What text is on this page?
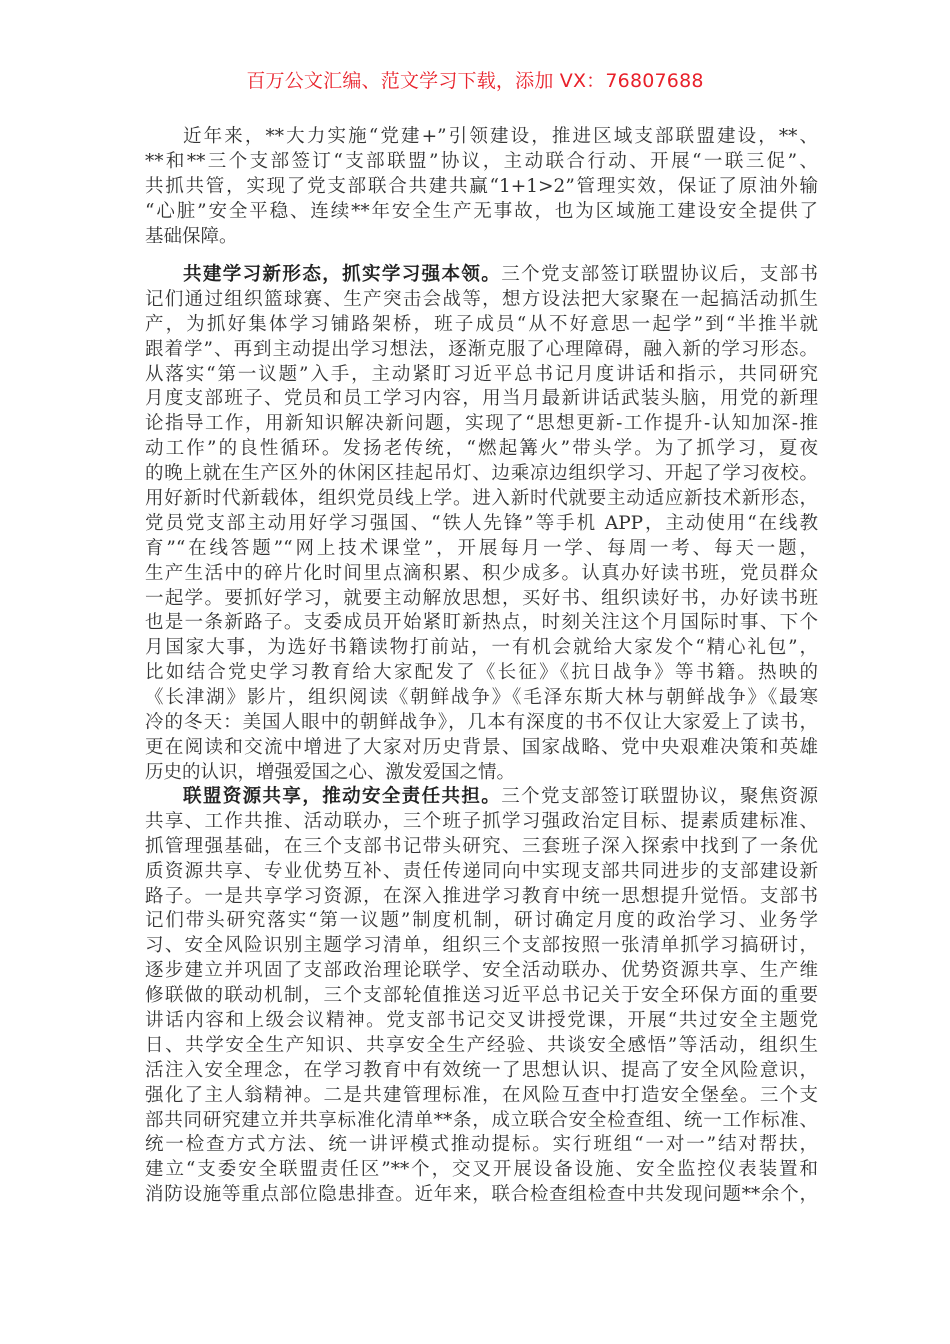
百万公文汇编、范文学习下载，添加 VX：76807688
近年来，**大力实施“党建+”引领建设，推进区域支部联盟建设，**、
**和**三个支部签订“支部联盟”协议，主动联合行动、开展“一联三促”、
共抓共管，实现了党支部联合共建共赢“1+1>2”管理实效，保证了原油外输
“心脏”安全平稳、连续**年安全生产无事故，也为区域施工建设安全提供了
基础保障。
共建学习新形态，抓实学习强本领。三个党支部签订联盟协议后，支部书
记们通过组织篮球赛、生产突击会战等，想方设法把大家聚在一起搞活动抓生
产，为抓好集体学习铺路架桥，班子成员“从不好意思一起学”到“半推半就
跟着学”、再到主动提出学习想法，逐渐克服了心理障碍，融入新的学习形态。
从落实“第一议题”入手，主动紧盯习近平总书记月度讲话和指示，共同研究
月度支部班子、党员和员工学习内容，用当月最新讲话武装头脑，用党的新理
论指导工作，用新知识解决新问题，实现了“思想更新-工作提升-认知加深-推
动工作”的良性循环。发扬老传统，“燃起篝火”带头学。为了抓学习，夏夜
的晚上就在生产区外的休闲区挂起吊灯、边乘凉边组织学习、开起了学习夜校。
用好新时代新载体，组织党员线上学。进入新时代就要主动适应新技术新形态，
党员党支部主动用好学习强国、“铁人先锋”等手机 APP，主动使用“在线教
育”“在线答题”“网上技术课堂”，开展每月一学、每周一考、每天一题，
生产生活中的碎片化时间里点滴积累、积少成多。认真办好读书班，党员群众
一起学。要抓好学习，就要主动解放思想，买好书、组织读好书，办好读书班
也是一条新路子。支委成员开始紧盯新热点，时刻关注这个月国际时事、下个
月国家大事，为选好书籍读物打前站，一有机会就给大家发个“精心礼包”，
比如结合党史学习教育给大家配发了《长征》《抗日战争》等书籍。热映的
《长津湖》影片，组织阅读《朝鲜战争》《毛泽东斯大林与朝鲜战争》《最寒
冷的冬天：美国人眼中的朝鲜战争》，几本有深度的书不仅让大家爱上了读书，
更在阅读和交流中增进了大家对历史背景、国家战略、党中央艰难决策和英雄
历史的认识，增强爱国之心、激发爱国之情。
联盟资源共享，推动安全责任共担。三个党支部签订联盟协议，聚焦资源
共享、工作共推、活动联办，三个班子抓学习强政治定目标、提素质建标准、
抓管理强基础，在三个支部书记带头研究、三套班子深入探索中找到了一条优
质资源共享、专业优势互补、责任传递同向中实现支部共同进步的支部建设新
路子。一是共享学习资源，在深入推进学习教育中统一思想提升觉悟。支部书
记们带头研究落实“第一议题”制度机制，研讨确定月度的政治学习、业务学
习、安全风险识别主题学习清单，组织三个支部按照一张清单抓学习搞研讨，
逐步建立并巩固了支部政治理论联学、安全活动联办、优势资源共享、生产维
修联做的联动机制，三个支部轮值推送习近平总书记关于安全环保方面的重要
讲话内容和上级会议精神。党支部书记交叉讲授党课，开展“共过安全主题党
日、共学安全生产知识、共享安全生产经验、共谈安全感悟”等活动，组织生
活注入安全理念，在学习教育中有效统一了思想认识、提高了安全风险意识，
强化了主人翁精神。二是共建管理标准，在风险互查中打造安全堡垒。三个支
部共同研究建立并共享标准化清单**条，成立联合安全检查组、统一工作标准、
统一检查方式方法、统一讲评模式推动提标。实行班组“一对一”结对帮扶，
建立“支委安全联盟责任区”**个，交叉开展设备设施、安全监控仪表装置和
消防设施等重点部位隐患排查。近年来，联合检查组检查中共发现问题**余个，
